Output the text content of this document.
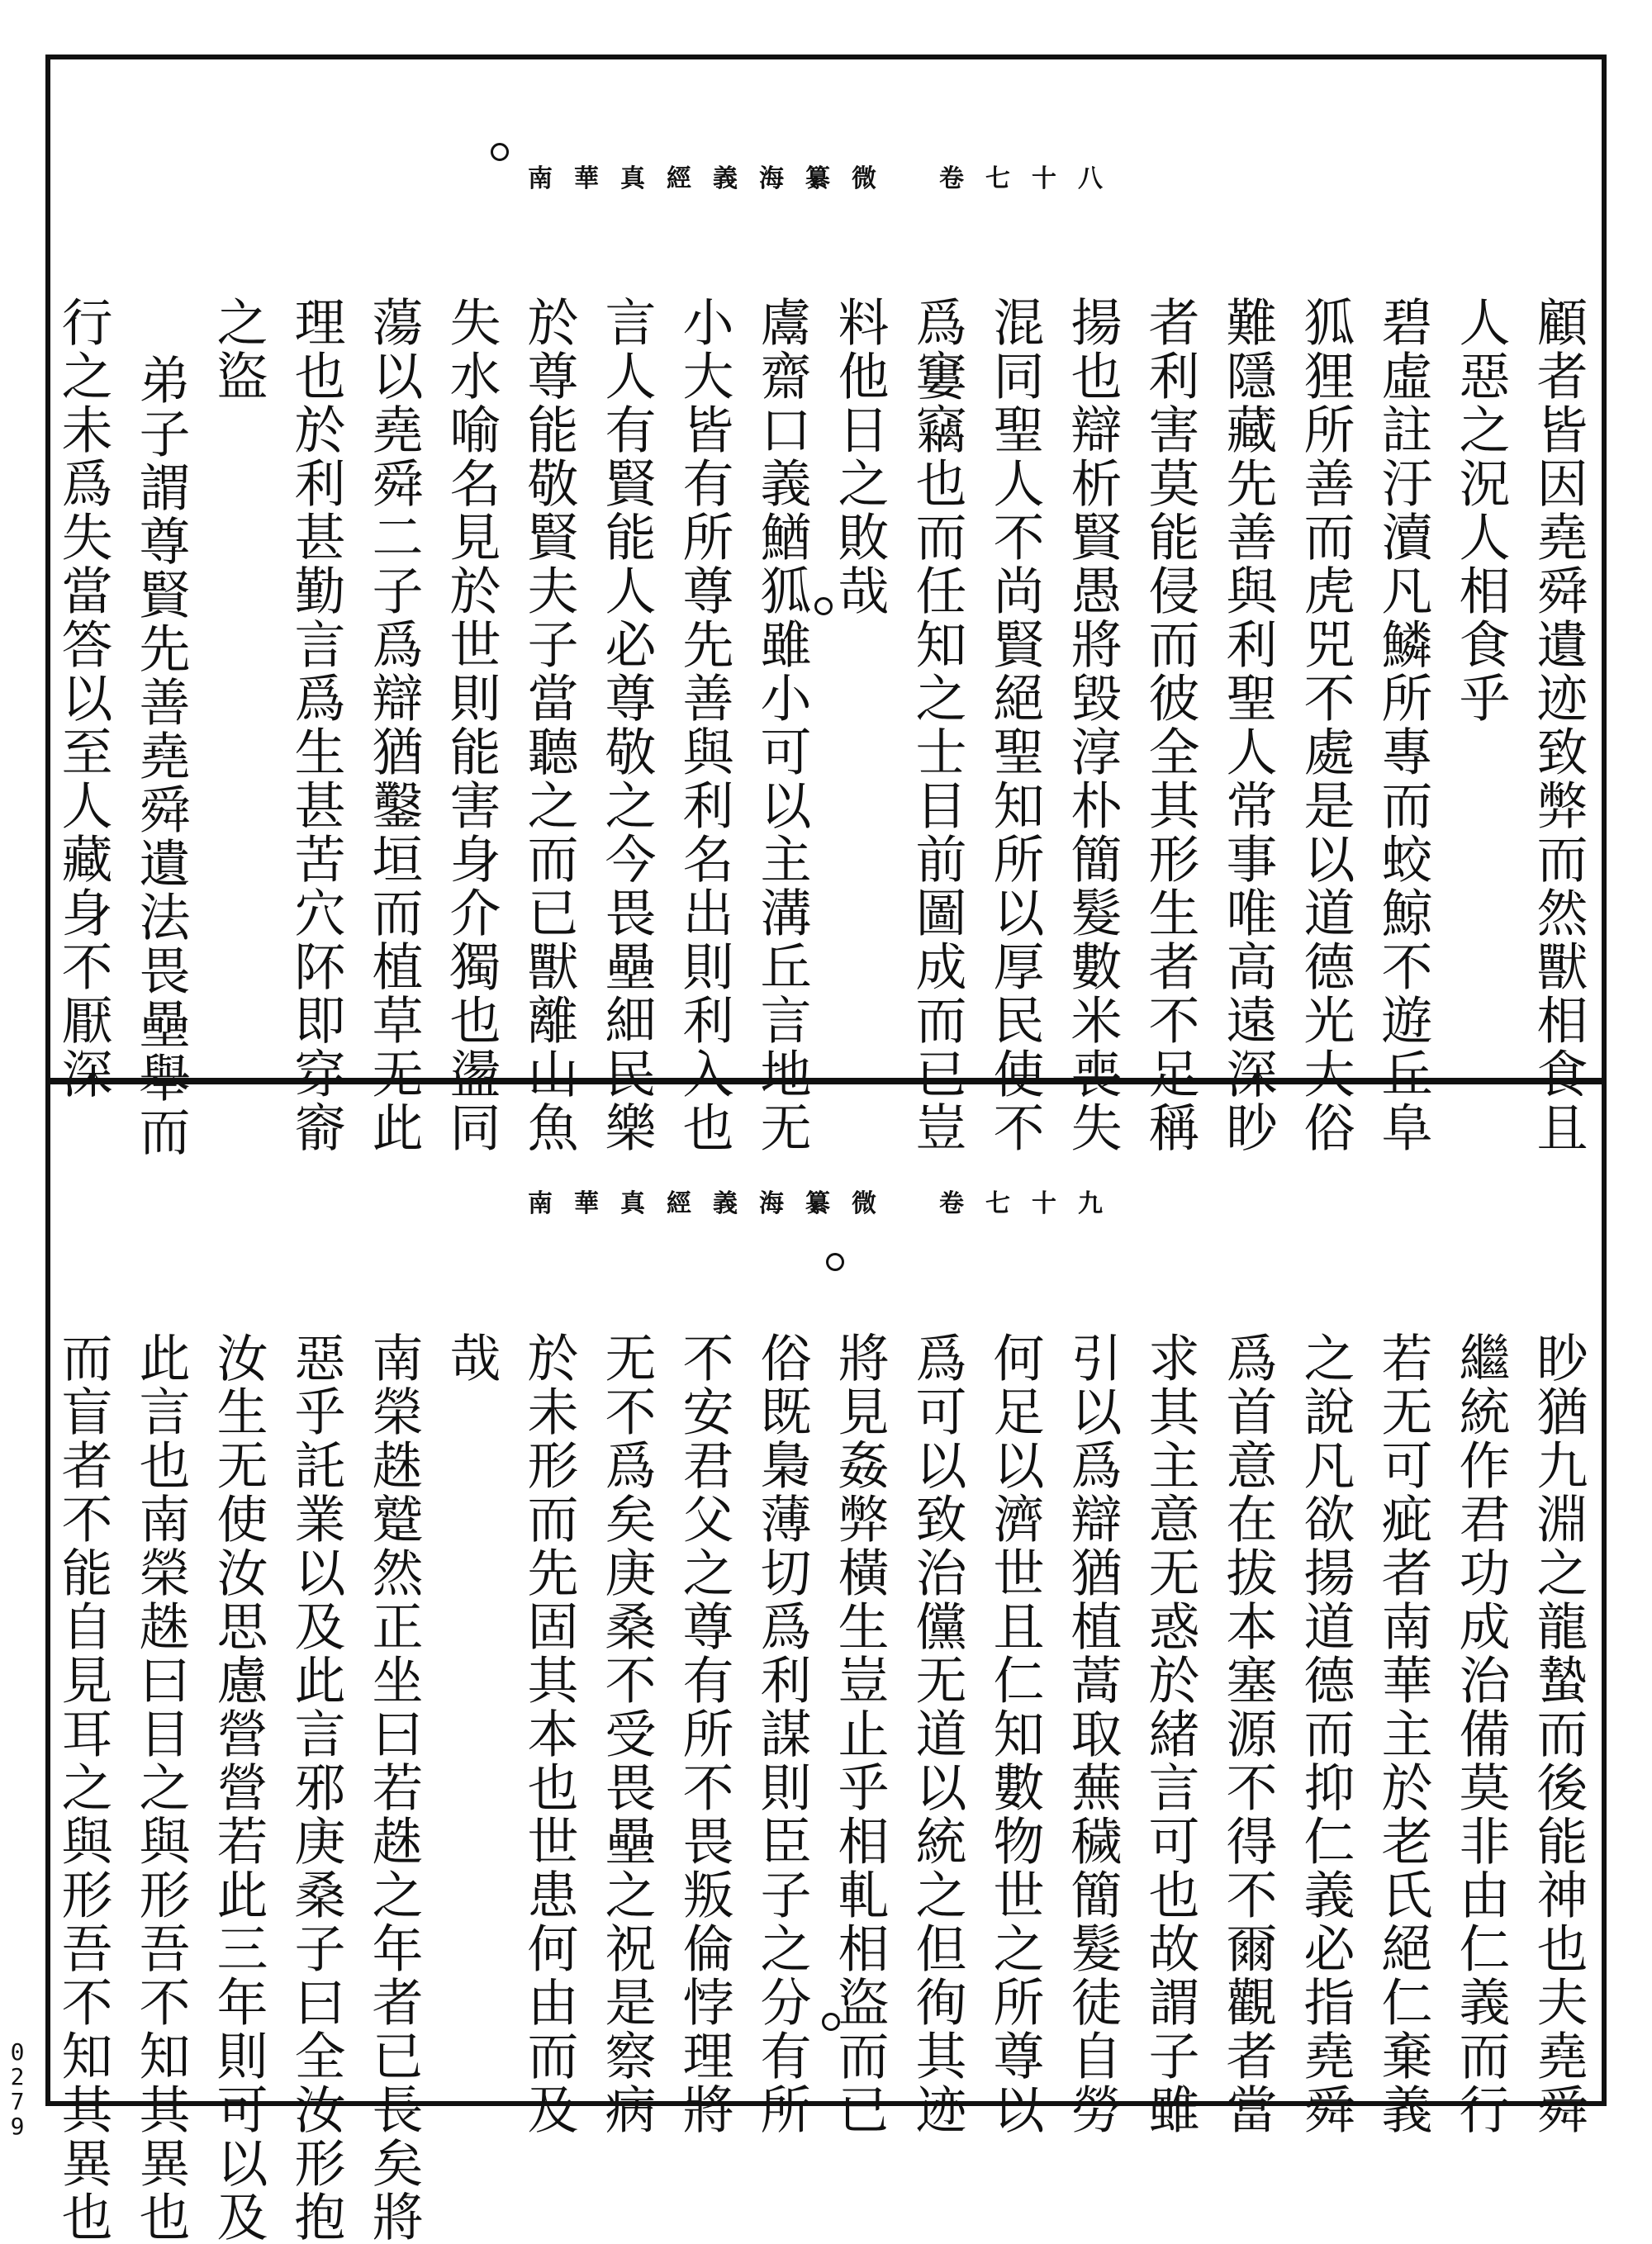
南華真經義海纂微 卷七十八
顧者皆因堯舜遺迹致弊而然獸相食且
人惡之況人相食乎
碧虛註汙瀆凡鱗所專而蛟鯨不遊丘阜
狐狸所善而虎兕不處是以道德光大俗
難隱藏先善與利聖人常事唯高遠深眇
者利害莫能侵而彼全其形生者不足稱
揚也辯析賢愚將毀淳朴簡髮數米喪失
混同聖人不尚賢絕聖知所以厚民使不
爲窶竊也而任知之士目前圖成而已豈
料他日之敗哉
鬳齋口義鰌狐雖小可以主溝丘言地无
小大皆有所尊先善與利名出則利入也
言人有賢能人必尊敬之今畏壘細民樂
於尊能敬賢夫子當聽之而已獸離山魚
失水喻名見於世則能害身介獨也盪同
蕩以堯舜二子爲辯猶鑿垣而植草无此
理也於利甚勤言爲生甚苦穴阫即穿窬
之盜
弟子謂尊賢先善堯舜遺法畏壘舉而
行之未爲失當答以至人藏身不厭深
南華真經義海纂微 卷七十九
眇猶九淵之龍蟄而後能神也夫堯舜
繼統作君功成治備莫非由仁義而行
若无可疵者南華主於老氏絕仁棄義
之說凡欲揚道德而抑仁義必指堯舜
爲首意在拔本塞源不得不爾觀者當
求其主意无惑於緒言可也故謂子雖
引以爲辯猶植蒿取蕪穢簡髮徒自勞
何足以濟世且仁知數物世之所尊以
爲可以致治儻无道以統之但徇其迹
將見姦弊橫生豈止乎相軋相盜而已
俗既梟薄切爲利謀則臣子之分有所
不安君父之尊有所不畏叛倫悖理將
无不爲矣庚桑不受畏壘之祝是察病
於未形而先固其本也世患何由而及
哉
南榮趎蹵然正坐曰若趎之年者已長矣將
惡乎託業以及此言邪庚桑子曰全汝形抱
汝生无使汝思慮營營若此三年則可以及
此言也南榮趎曰目之與形吾不知其異也
而盲者不能自見耳之與形吾不知其異也
0
2
7
9
